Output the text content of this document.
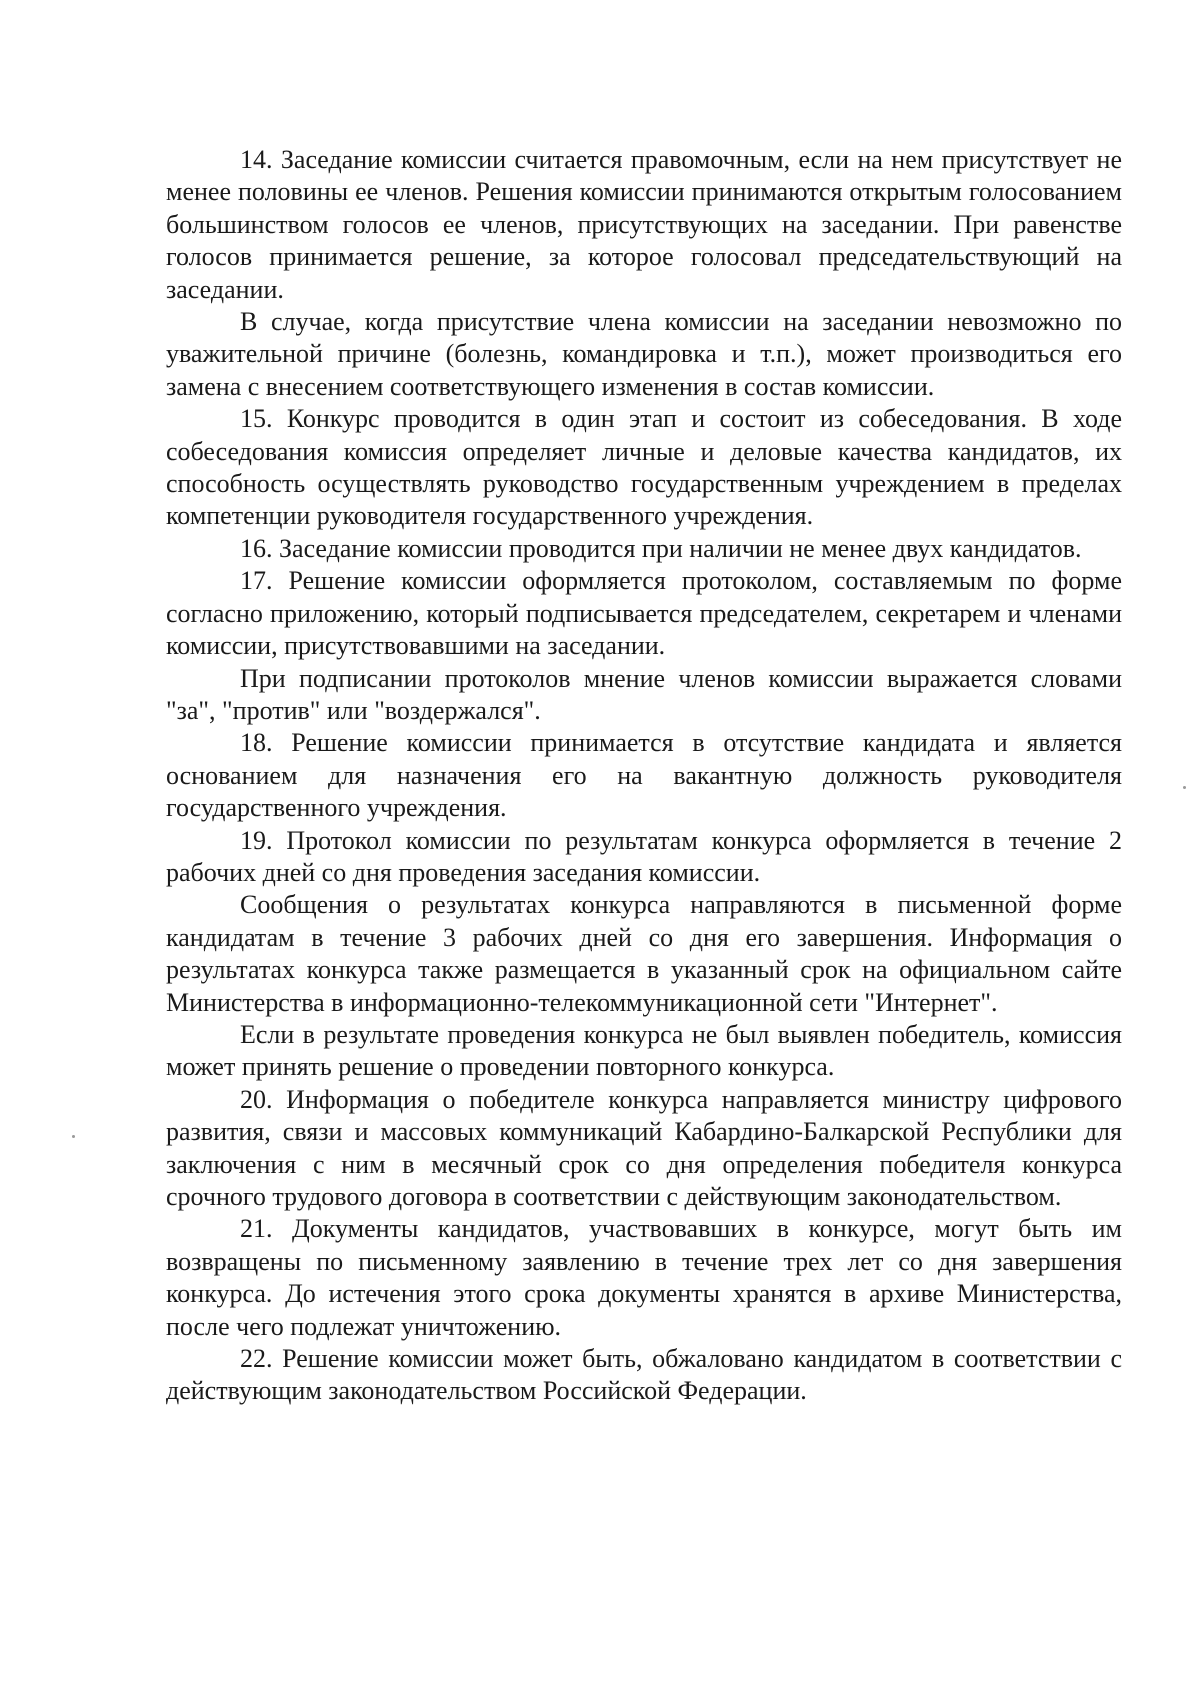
14. Заседание комиссии считается правомочным, если на нем присутствует не менее половины ее членов. Решения комиссии принимаются открытым голосованием большинством голосов ее членов, присутствующих на заседании. При равенстве голосов принимается решение, за которое голосовал председательствующий на заседании.

В случае, когда присутствие члена комиссии на заседании невозможно по уважительной причине (болезнь, командировка и т.п.), может производиться его замена с внесением соответствующего изменения в состав комиссии.

15. Конкурс проводится в один этап и состоит из собеседования. В ходе собеседования комиссия определяет личные и деловые качества кандидатов, их способность осуществлять руководство государственным учреждением в пределах компетенции руководителя государственного учреждения.

16. Заседание комиссии проводится при наличии не менее двух кандидатов.

17. Решение комиссии оформляется протоколом, составляемым по форме согласно приложению, который подписывается председателем, секретарем и членами комиссии, присутствовавшими на заседании.

При подписании протоколов мнение членов комиссии выражается словами "за", "против" или "воздержался".

18. Решение комиссии принимается в отсутствие кандидата и является основанием для назначения его на вакантную должность руководителя государственного учреждения.

19. Протокол комиссии по результатам конкурса оформляется в течение 2 рабочих дней со дня проведения заседания комиссии.

Сообщения о результатах конкурса направляются в письменной форме кандидатам в течение 3 рабочих дней со дня его завершения. Информация о результатах конкурса также размещается в указанный срок на официальном сайте Министерства в информационно-телекоммуникационной сети "Интернет".

Если в результате проведения конкурса не был выявлен победитель, комиссия может принять решение о проведении повторного конкурса.

20. Информация о победителе конкурса направляется министру цифрового развития, связи и массовых коммуникаций Кабардино-Балкарской Республики для заключения с ним в месячный срок со дня определения победителя конкурса срочного трудового договора в соответствии с действующим законодательством.

21. Документы кандидатов, участвовавших в конкурсе, могут быть им возвращены по письменному заявлению в течение трех лет со дня завершения конкурса. До истечения этого срока документы хранятся в архиве Министерства, после чего подлежат уничтожению.

22. Решение комиссии может быть, обжаловано кандидатом в соответствии с действующим законодательством Российской Федерации.
